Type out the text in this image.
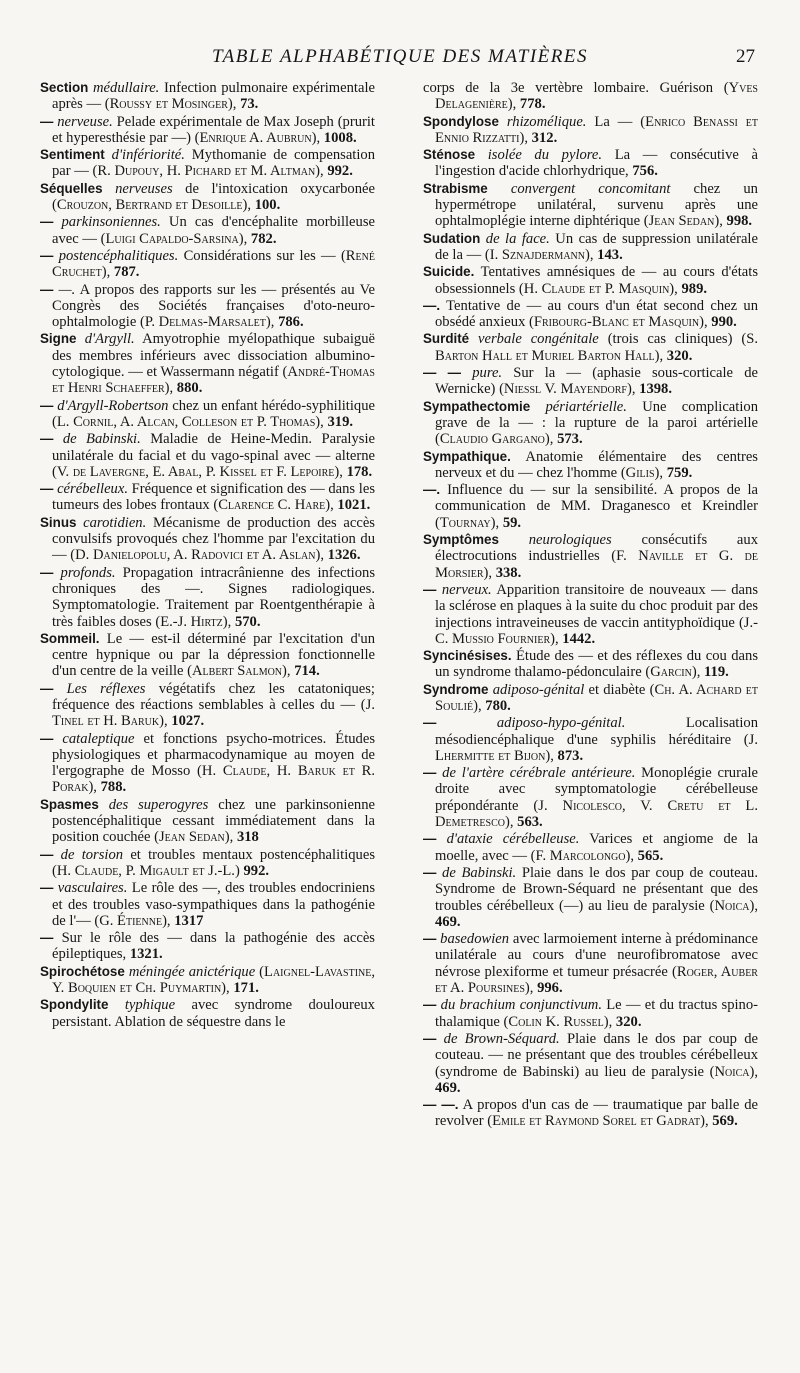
TABLE ALPHABÉTIQUE DES MATIÈRES	27

Section médullaire. Infection pulmonaire expérimentale après — (Roussy et Mosinger), 73.

— nerveuse. Pelade expérimentale de Max Joseph (prurit et hyperesthésie par —) (Enrique A. Aubrun), 1008.

Sentiment d'infériorité. Mythomanie de compensation par — (R. Dupouy, H. Pichard et M. Altman), 992.

Séquelles nerveuses de l'intoxication oxycarbonée (Crouzon, Bertrand et Desoille), 100.

— parkinsoniennes. Un cas d'encéphalite morbilleuse avec — (Luigi Capaldo-Sarsina), 782.

— postencéphalitiques. Considérations sur les — (René Cruchet), 787.

— —. A propos des rapports sur les — présentés au Ve Congrès des Sociétés françaises d'oto-neuro-ophtalmologie (P. Delmas-Marsalet), 786.

Signe d'Argyll. Amyotrophie myélopathique subaiguë des membres inférieurs avec dissociation albumino-cytologique. — et Wassermann négatif (André-Thomas et Henri Schaeffer), 880.

— d'Argyll-Robertson chez un enfant hérédo-syphilitique (L. Cornil, A. Alcan, Colleson et P. Thomas), 319.

— de Babinski. Maladie de Heine-Medin. Paralysie unilatérale du facial et du vago-spinal avec — alterne (V. de Lavergne, E. Abal, P. Kissel et F. Lepoire), 178.

— cérébelleux. Fréquence et signification des — dans les tumeurs des lobes frontaux (Clarence C. Hare), 1021.

Sinus carotidien. Mécanisme de production des accès convulsifs provoqués chez l'homme par l'excitation du — (D. Danielopolu, A. Radovici et A. Aslan), 1326.

— profonds. Propagation intracrânienne des infections chroniques des —. Signes radiologiques. Symptomatologie. Traitement par Roentgenthérapie à très faibles doses (E.-J. Hirtz), 570.

Sommeil. Le — est-il déterminé par l'excitation d'un centre hypnique ou par la dépression fonctionnelle d'un centre de la veille (Albert Salmon), 714.

— Les réflexes végétatifs chez les catatoniques; fréquence des réactions semblables à celles du — (J. Tinel et H. Baruk), 1027.

— cataleptique et fonctions psycho-motrices. Études physiologiques et pharmacodynamique au moyen de l'ergographe de Mosso (H. Claude, H. Baruk et R. Porak), 788.

Spasmes des superogyres chez une parkinsonienne postencéphalitique cessant immédiatement dans la position couchée (Jean Sedan), 318

— de torsion et troubles mentaux postencéphalitiques (H. Claude, P. Migault et J.-L.) 992.

— vasculaires. Le rôle des —, des troubles endocriniens et des troubles vaso-sympathiques dans la pathogénie de l'— (G. Étienne), 1317

— Sur le rôle des — dans la pathogénie des accès épileptiques, 1321.

Spirochétose méningée anictérique (Laignel-Lavastine, Y. Boquien et Ch. Puymartin), 171.

Spondylite typhique avec syndrome douloureux persistant. Ablation de séquestre dans le

corps de la 3e vertèbre lombaire. Guérison (Yves Delagenière), 778.

Spondylose rhizomélique. La — (Enrico Benassi et Ennio Rizzatti), 312.

Sténose isolée du pylore. La — consécutive à l'ingestion d'acide chlorhydrique, 756.

Strabisme convergent concomitant chez un hypermétrope unilatéral, survenu après une ophtalmoplégie interne diphtérique (Jean Sedan), 998.

Sudation de la face. Un cas de suppression unilatérale de la — (I. Sznajdermann), 143.

Suicide. Tentatives amnésiques de — au cours d'états obsessionnels (H. Claude et P. Masquin), 989.

—. Tentative de — au cours d'un état second chez un obsédé anxieux (Fribourg-Blanc et Masquin), 990.

Surdité verbale congénitale (trois cas cliniques) (S. Barton Hall et Muriel Barton Hall), 320.

— — pure. Sur la — (aphasie sous-corticale de Wernicke) (Niessl V. Mayendorf), 1398.

Sympathectomie périartérielle. Une complication grave de la — : la rupture de la paroi artérielle (Claudio Gargano), 573.

Sympathique. Anatomie élémentaire des centres nerveux et du — chez l'homme (Gilis), 759.

—. Influence du — sur la sensibilité. A propos de la communication de MM. Draganesco et Kreindler (Tournay), 59.

Symptômes neurologiques consécutifs aux électrocutions industrielles (F. Naville et G. de Morsier), 338.

— nerveux. Apparition transitoire de nouveaux — dans la sclérose en plaques à la suite du choc produit par des injections intraveineuses de vaccin antityphoïdique (J.-C. Mussio Fournier), 1442.

Syncinésises. Étude des — et des réflexes du cou dans un syndrome thalamo-pédonculaire (Garcin), 119.

Syndrome adiposo-génital et diabète (Ch. A. Achard et Soulié), 780.

—	adiposo-hypo-génital.	Localisation mésodiencéphalique d'une syphilis héréditaire (J. Lhermitte et Bijon), 873.

— de l'artère cérébrale antérieure. Monoplégie crurale droite avec symptomatologie cérébelleuse prépondérante (J. Nicolesco, V. Cretu et L. Demetresco), 563.

— d'ataxie cérébelleuse. Varices et angiome de la moelle, avec — (F. Marcolongo), 565.

— de Babinski. Plaie dans le dos par coup de couteau. Syndrome de Brown-Séquard ne présentant que des troubles cérébelleux (—) au lieu de paralysie (Noica), 469.

— basedowien avec larmoiement interne à prédominance unilatérale au cours d'une neurofibromatose avec névrose plexiforme et tumeur présacrée (Roger, Auber et A. Poursines), 996.

— du brachium conjunctivum. Le — et du tractus spino-thalamique (Colin K. Russel), 320.

— de Brown-Séquard. Plaie dans le dos par coup de couteau. — ne présentant que des troubles cérébelleux (syndrome de Babinski) au lieu de paralysie (Noica), 469.

— —. A propos d'un cas de — traumatique par balle de revolver (Emile et Raymond Sorel et Gadrat), 569.
